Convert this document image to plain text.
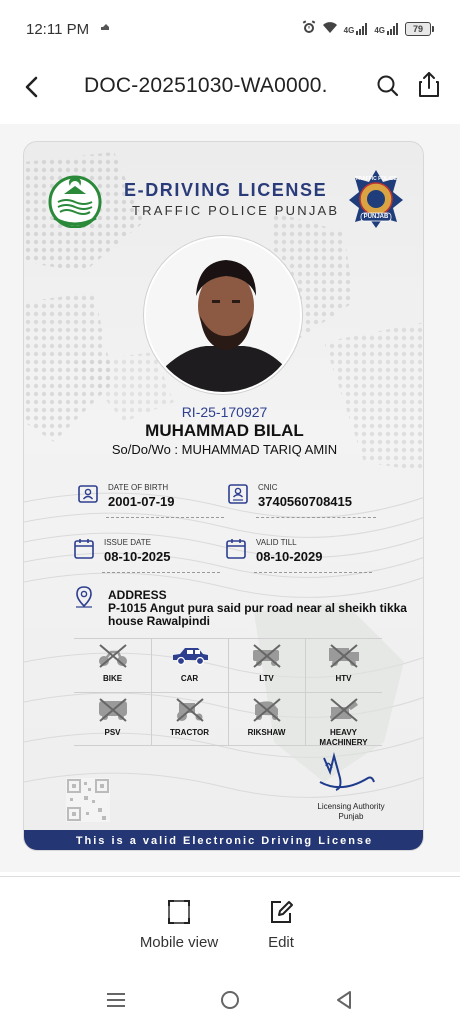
12:11 PM	4G	4G	79
DOC-20251030-WA0000.
E-DRIVING LICENSE
TRAFFIC POLICE PUNJAB
TRAFFIC POLICE
PUNJAB
RI-25-170927
MUHAMMAD BILAL
So/Do/Wo : MUHAMMAD TARIQ AMIN
DATE OF BIRTH
2001-07-19
CNIC
3740560708415
ISSUE DATE
08-10-2025
VALID TILL
08-10-2029
ADDRESS
P-1015 Angut pura said pur road near al sheikh tikka house Rawalpindi
BIKE	CAR	LTV	HTV
PSV	TRACTOR	RIKSHAW	HEAVY MACHINERY
Licensing Authority
Punjab
This is a valid Electronic Driving License
Mobile view	Edit
